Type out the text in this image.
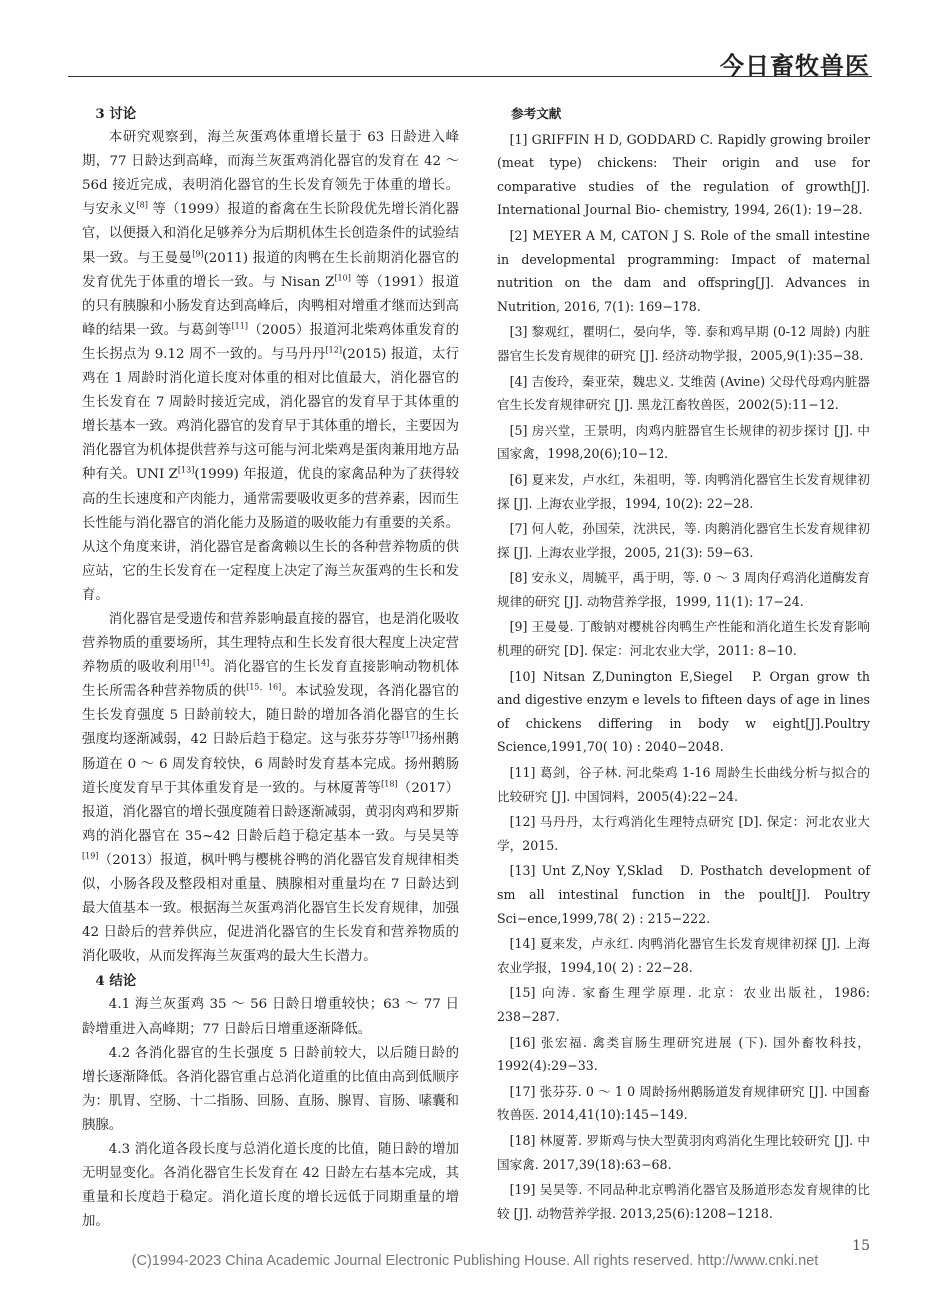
今日畜牧兽医

3 讨论

本研究观察到，海兰灰蛋鸡体重增长量于 63 日龄进入峰期，77 日龄达到高峰，而海兰灰蛋鸡消化器官的发育在 42 ～ 56d 接近完成，表明消化器官的生长发育领先于体重的增长。与安永义[8] 等（1999）报道的畜禽在生长阶段优先增长消化器官，以便摄入和消化足够养分为后期机体生长创造条件的试验结果一致。与王曼曼[9](2011) 报道的肉鸭在生长前期消化器官的发育优先于体重的增长一致。与 Nisan Z[10] 等（1991）报道的只有胰腺和小肠发育达到高峰后，肉鸭相对增重才继而达到高峰的结果一致。与葛剑等[11]（2005）报道河北柴鸡体重发育的生长拐点为 9.12 周不一致的。与马丹丹[12](2015) 报道，太行鸡在 1 周龄时消化道长度对体重的相对比值最大，消化器官的生长发育在 7 周龄时接近完成，消化器官的发育早于其体重的增长基本一致。鸡消化器官的发育早于其体重的增长，主要因为消化器官为机体提供营养与这可能与河北柴鸡是蛋肉兼用地方品种有关。UNI Z[13](1999) 年报道，优良的家禽品种为了获得较高的生长速度和产肉能力，通常需要吸收更多的营养素，因而生长性能与消化器官的消化能力及肠道的吸收能力有重要的关系。从这个角度来讲，消化器官是畜禽赖以生长的各种营养物质的供应站，它的生长发育在一定程度上决定了海兰灰蛋鸡的生长和发育。

消化器官是受遗传和营养影响最直接的器官，也是消化吸收营养物质的重要场所，其生理特点和生长发育很大程度上决定营养物质的吸收利用[14]。消化器官的生长发育直接影响动物机体生长所需各种营养物质的供[15，16]。本试验发现，各消化器官的生长发育强度 5 日龄前较大，随日龄的增加各消化器官的生长强度均逐渐减弱，42 日龄后趋于稳定。这与张芬芬等[17]扬州鹅肠道在 0 ～ 6 周发育较快，6 周龄时发育基本完成。扬州鹅肠道长度发育早于其体重发育是一致的。与林厦菁等[18]（2017）报道，消化器官的增长强度随着日龄逐渐减弱，黄羽肉鸡和罗斯鸡的消化器官在 35~42 日龄后趋于稳定基本一致。与吴昊等[19]（2013）报道，枫叶鸭与樱桃谷鸭的消化器官发育规律相类似，小肠各段及整段相对重量、胰腺相对重量均在 7 日龄达到最大值基本一致。根据海兰灰蛋鸡消化器官生长发育规律，加强 42 日龄后的营养供应，促进消化器官的生长发育和营养物质的消化吸收，从而发挥海兰灰蛋鸡的最大生长潜力。

4 结论

4.1 海兰灰蛋鸡 35 ～ 56 日龄日增重较快；63 ～ 77 日龄增重进入高峰期；77 日龄后日增重逐渐降低。

4.2 各消化器官的生长强度 5 日龄前较大，以后随日龄的增长逐渐降低。各消化器官重占总消化道重的比值由高到低顺序为：肌胃、空肠、十二指肠、回肠、直肠、腺胃、盲肠、嗉囊和胰腺。

4.3 消化道各段长度与总消化道长度的比值，随日龄的增加无明显变化。各消化器官生长发育在 42 日龄左右基本完成，其重量和长度趋于稳定。消化道长度的增长远低于同期重量的增加。

参考文献

[1] GRIFFIN H D, GODDARD C. Rapidly growing broiler (meat type) chickens: Their origin and use for comparative studies of the regulation of growth[J]. International Journal Bio- chemistry, 1994, 26(1): 19−28.

[2] MEYER A M, CATON J S. Role of the small intestine in developmental programming: Impact of maternal nutrition on the dam and offspring[J]. Advances in Nutrition, 2016, 7(1): 169−178.

[3] 黎观红，瞿明仁，晏向华，等. 泰和鸡早期 (0-12 周龄) 内脏器官生长发育规律的研究 [J]. 经济动物学报，2005,9(1):35−38.

[4] 吉俊玲，秦亚荣，魏忠义. 艾维茵 (Avine) 父母代母鸡内脏器官生长发育规律研究 [J]. 黑龙江畜牧兽医，2002(5):11−12.

[5] 房兴堂，王景明，肉鸡内脏器官生长规律的初步探讨 [J]. 中国家禽，1998,20(6);10−12.

[6] 夏来发，卢水红，朱祖明，等. 肉鸭消化器官生长发育规律初探 [J]. 上海农业学报，1994, 10(2): 22−28.

[7] 何人乾，孙国荣，沈洪民，等. 肉鹅消化器官生长发育规律初探 [J]. 上海农业学报，2005, 21(3): 59−63.

[8] 安永义，周毓平，禹于明，等. 0 ～ 3 周肉仔鸡消化道酶发育规律的研究 [J]. 动物营养学报，1999, 11(1): 17−24.

[9] 王曼曼. 丁酸钠对樱桃谷肉鸭生产性能和消化道生长发育影响机理的研究 [D]. 保定：河北农业大学，2011: 8−10.

[10] Nitsan Z,Dunington E,Siegel　P. Organ grow th and digestive enzym e levels to fifteen days of age in lines of chickens differing in body w eight[J].Poultry Science,1991,70( 10) : 2040−2048.

[11] 葛剑，谷子林. 河北柴鸡 1-16 周龄生长曲线分析与拟合的比较研究 [J]. 中国饲料，2005(4):22−24.

[12] 马丹丹，太行鸡消化生理特点研究 [D]. 保定：河北农业大学，2015.

[13] Unt Z,Noy Y,Sklad　D. Posthatch development of sm all intestinal function in the poult[J]. Poultry Sci−ence,1999,78( 2) : 215−222.

[14] 夏来发，卢永红. 肉鸭消化器官生长发育规律初探 [J]. 上海农业学报，1994,10( 2) : 22−28.

[15] 向涛. 家畜生理学原理. 北京：农业出版社，1986: 238−287.

[16] 张宏福. 禽类盲肠生理研究进展 (下). 国外畜牧科技，1992(4):29−33.

[17] 张芬芬. 0 ～ 1 0 周龄扬州鹅肠道发育规律研究 [J]. 中国畜牧兽医. 2014,41(10):145−149.

[18] 林厦菁. 罗斯鸡与快大型黄羽肉鸡消化生理比较研究 [J]. 中国家禽. 2017,39(18):63−68.

[19] 吴昊等. 不同品种北京鸭消化器官及肠道形态发育规律的比较 [J]. 动物营养学报. 2013,25(6):1208−1218.

15
(C)1994-2023 China Academic Journal Electronic Publishing House. All rights reserved. http://www.cnki.net
